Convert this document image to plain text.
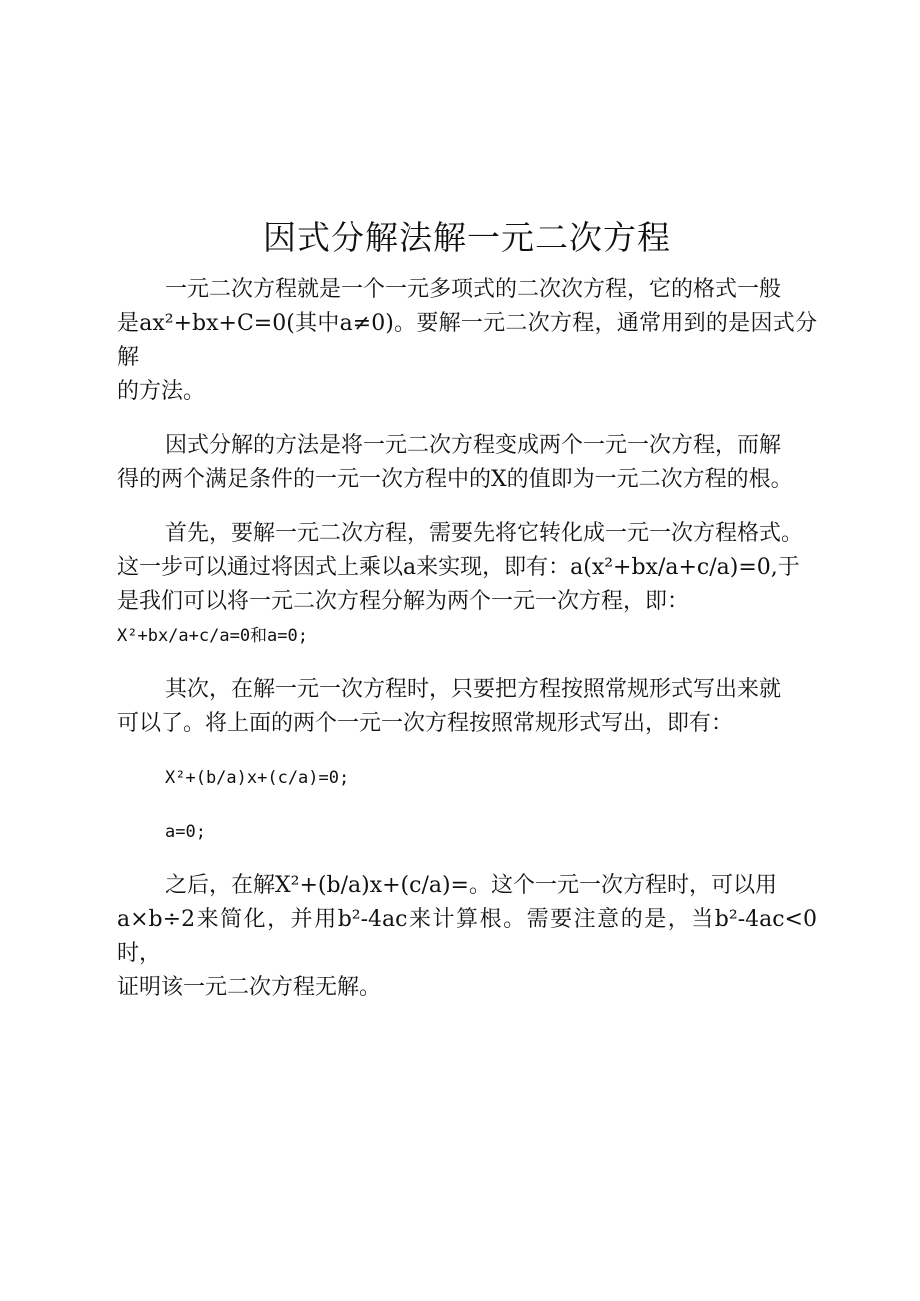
因式分解法解一元二次方程
一元二次方程就是一个一元多项式的二次次方程，它的格式一般

是ax²+bx+C=0(其中a≠0)。要解一元二次方程，通常用到的是因式分解
的方法。
因式分解的方法是将一元二次方程变成两个一元一次方程，而解

得的两个满足条件的一元一次方程中的X的值即为一元二次方程的根。
首先，要解一元二次方程，需要先将它转化成一元一次方程格式。

这一步可以通过将因式上乘以a来实现，即有：a(x²+bx/a+c/a)=0,于
是我们可以将一元二次方程分解为两个一元一次方程，即：
X²+bx/a+c/a=0和a=0;
其次，在解一元一次方程时，只要把方程按照常规形式写出来就

可以了。将上面的两个一元一次方程按照常规形式写出，即有：
X²+(b/a)x+(c/a)=0;
a=0;
之后，在解X²+(b/a)x+(c/a)=。这个一元一次方程时，可以用

a×b÷2来简化，并用b²-4ac来计算根。需要注意的是，当b²-4ac<0时，
证明该一元二次方程无解。
